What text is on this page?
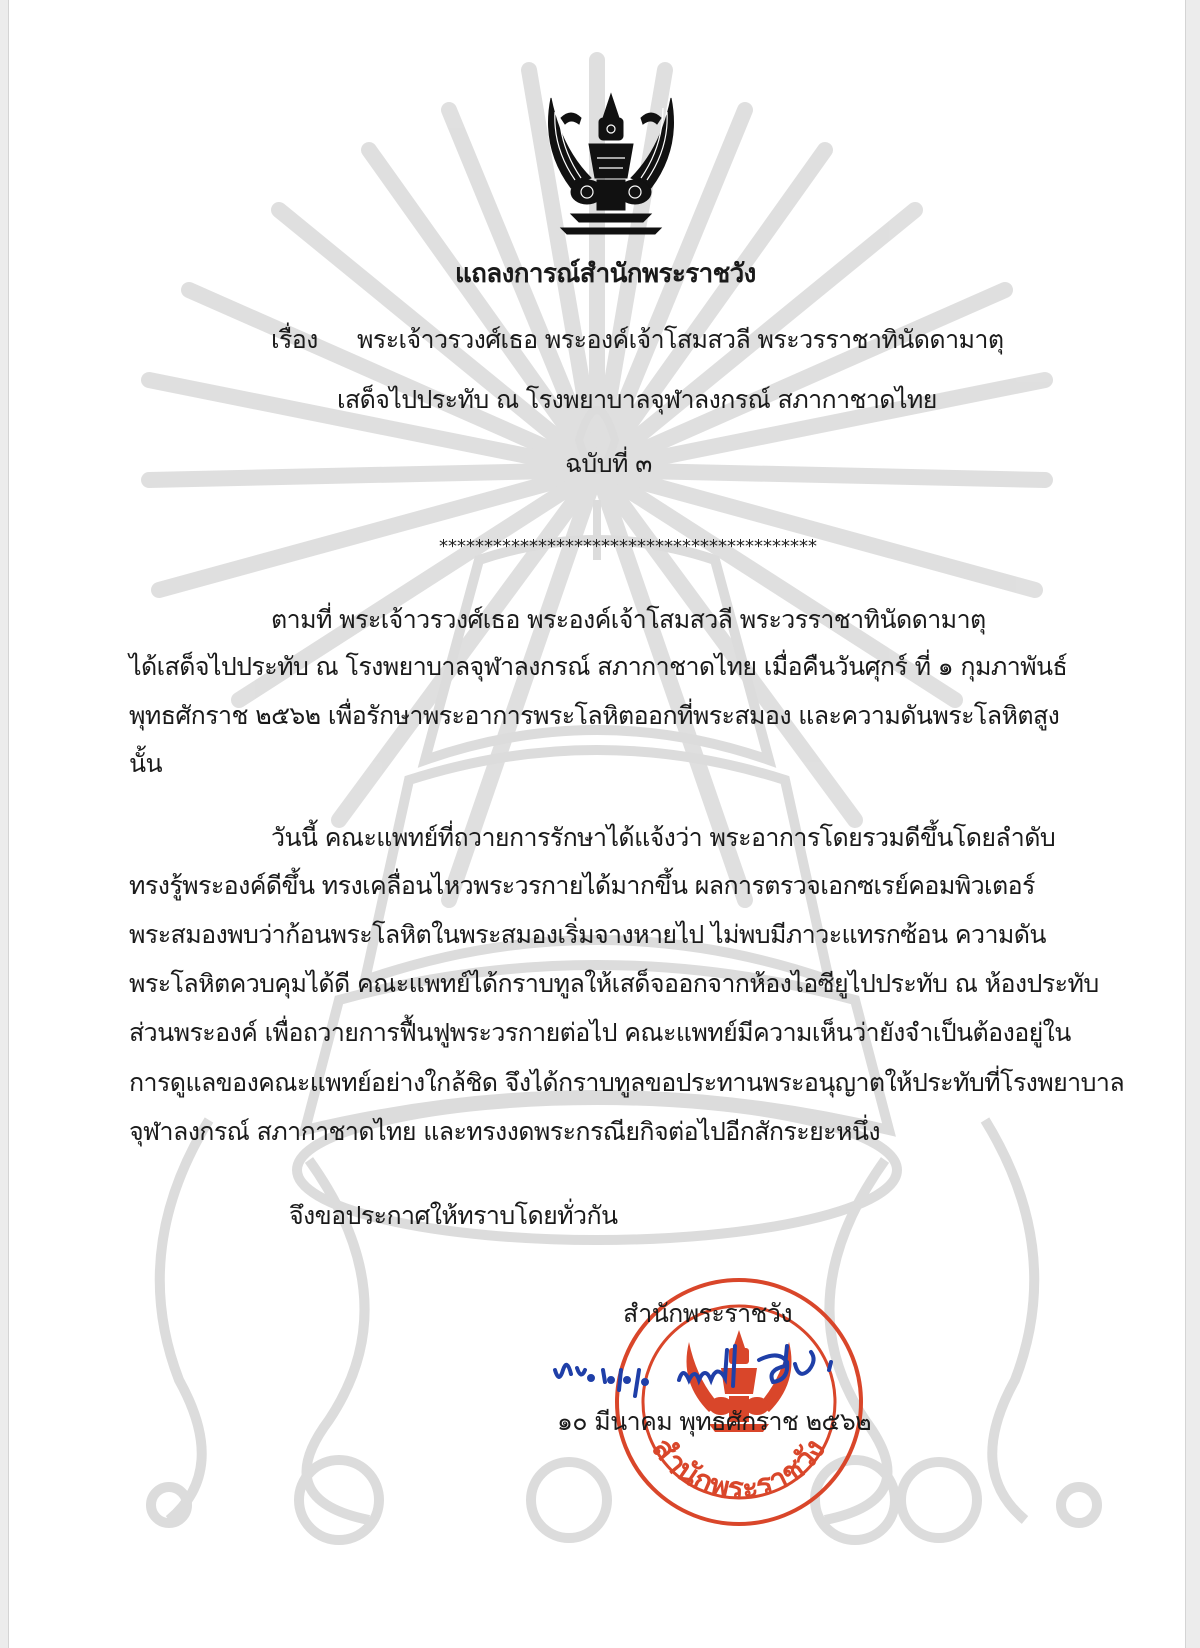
แถลงการณ์สำนักพระราชวัง
เรื่อง พระเจ้าวรวงศ์เธอ พระองค์เจ้าโสมสวลี พระวรราชาทินัดดามาตุ
เสด็จไปประทับ ณ โรงพยาบาลจุฬาลงกรณ์ สภากาชาดไทย
ฉบับที่ ๓
******************************************
ตามที่ พระเจ้าวรวงศ์เธอ พระองค์เจ้าโสมสวลี พระวรราชาทินัดดามาตุ
ได้เสด็จไปประทับ ณ โรงพยาบาลจุฬาลงกรณ์ สภากาชาดไทย เมื่อคืนวันศุกร์ ที่ ๑ กุมภาพันธ์
พุทธศักราช ๒๕๖๒ เพื่อรักษาพระอาการพระโลหิตออกที่พระสมอง และความดันพระโลหิตสูง
นั้น
วันนี้ คณะแพทย์ที่ถวายการรักษาได้แจ้งว่า พระอาการโดยรวมดีขึ้นโดยลำดับ
ทรงรู้พระองค์ดีขึ้น ทรงเคลื่อนไหวพระวรกายได้มากขึ้น ผลการตรวจเอกซเรย์คอมพิวเตอร์
พระสมองพบว่าก้อนพระโลหิตในพระสมองเริ่มจางหายไป ไม่พบมีภาวะแทรกซ้อน ความดัน
พระโลหิตควบคุมได้ดี คณะแพทย์ได้กราบทูลให้เสด็จออกจากห้องไอซียูไปประทับ ณ ห้องประทับ
ส่วนพระองค์ เพื่อถวายการฟื้นฟูพระวรกายต่อไป คณะแพทย์มีความเห็นว่ายังจำเป็นต้องอยู่ใน
การดูแลของคณะแพทย์อย่างใกล้ชิด จึงได้กราบทูลขอประทานพระอนุญาตให้ประทับที่โรงพยาบาล
จุฬาลงกรณ์ สภากาชาดไทย และทรงงดพระกรณียกิจต่อไปอีกสักระยะหนึ่ง
จึงขอประกาศให้ทราบโดยทั่วกัน
สำนักพระราชวัง
สำนักพระราชวัง
๑๐ มีนาคม พุทธศักราช ๒๕๖๒
